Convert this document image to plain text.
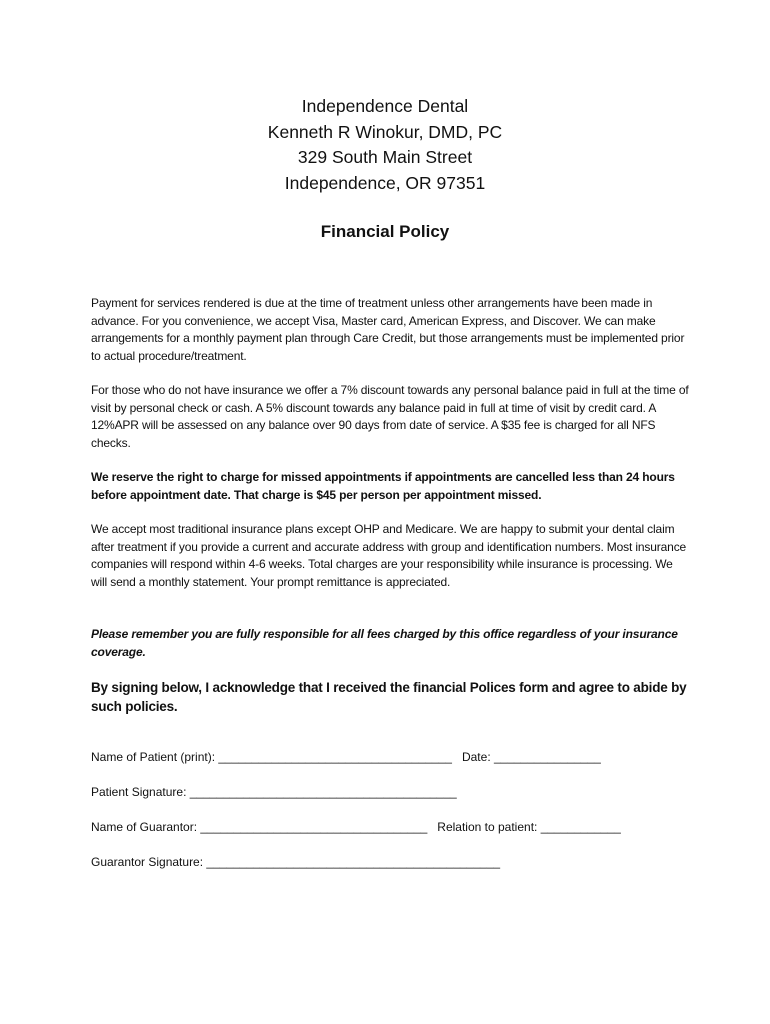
Independence Dental
Kenneth R Winokur, DMD, PC
329 South Main Street
Independence, OR 97351
Financial Policy
Payment for services rendered is due at the time of treatment unless other arrangements have been made in advance. For you convenience, we accept Visa, Master card, American Express, and Discover. We can make arrangements for a monthly payment plan through Care Credit, but those arrangements must be implemented prior to actual procedure/treatment.
For those who do not have insurance we offer a 7% discount towards any personal balance paid in full at the time of visit by personal check or cash. A 5% discount towards any balance paid in full at time of visit by credit card. A 12%APR will be assessed on any balance over 90 days from date of service. A $35 fee is charged for all NFS checks.
We reserve the right to charge for missed appointments if appointments are cancelled less than 24 hours before appointment date. That charge is $45 per person per appointment missed.
We accept most traditional insurance plans except OHP and Medicare. We are happy to submit your dental claim after treatment if you provide a current and accurate address with group and identification numbers. Most insurance companies will respond within 4-6 weeks. Total charges are your responsibility while insurance is processing. We will send a monthly statement. Your prompt remittance is appreciated.
Please remember you are fully responsible for all fees charged by this office regardless of your insurance coverage.
By signing below, I acknowledge that I received the financial Polices form and agree to abide by such policies.
Name of Patient (print): ___________________________________ Date: ________________
Patient Signature: ________________________________________
Name of Guarantor: __________________________________ Relation to patient: ____________
Guarantor Signature: ____________________________________________
